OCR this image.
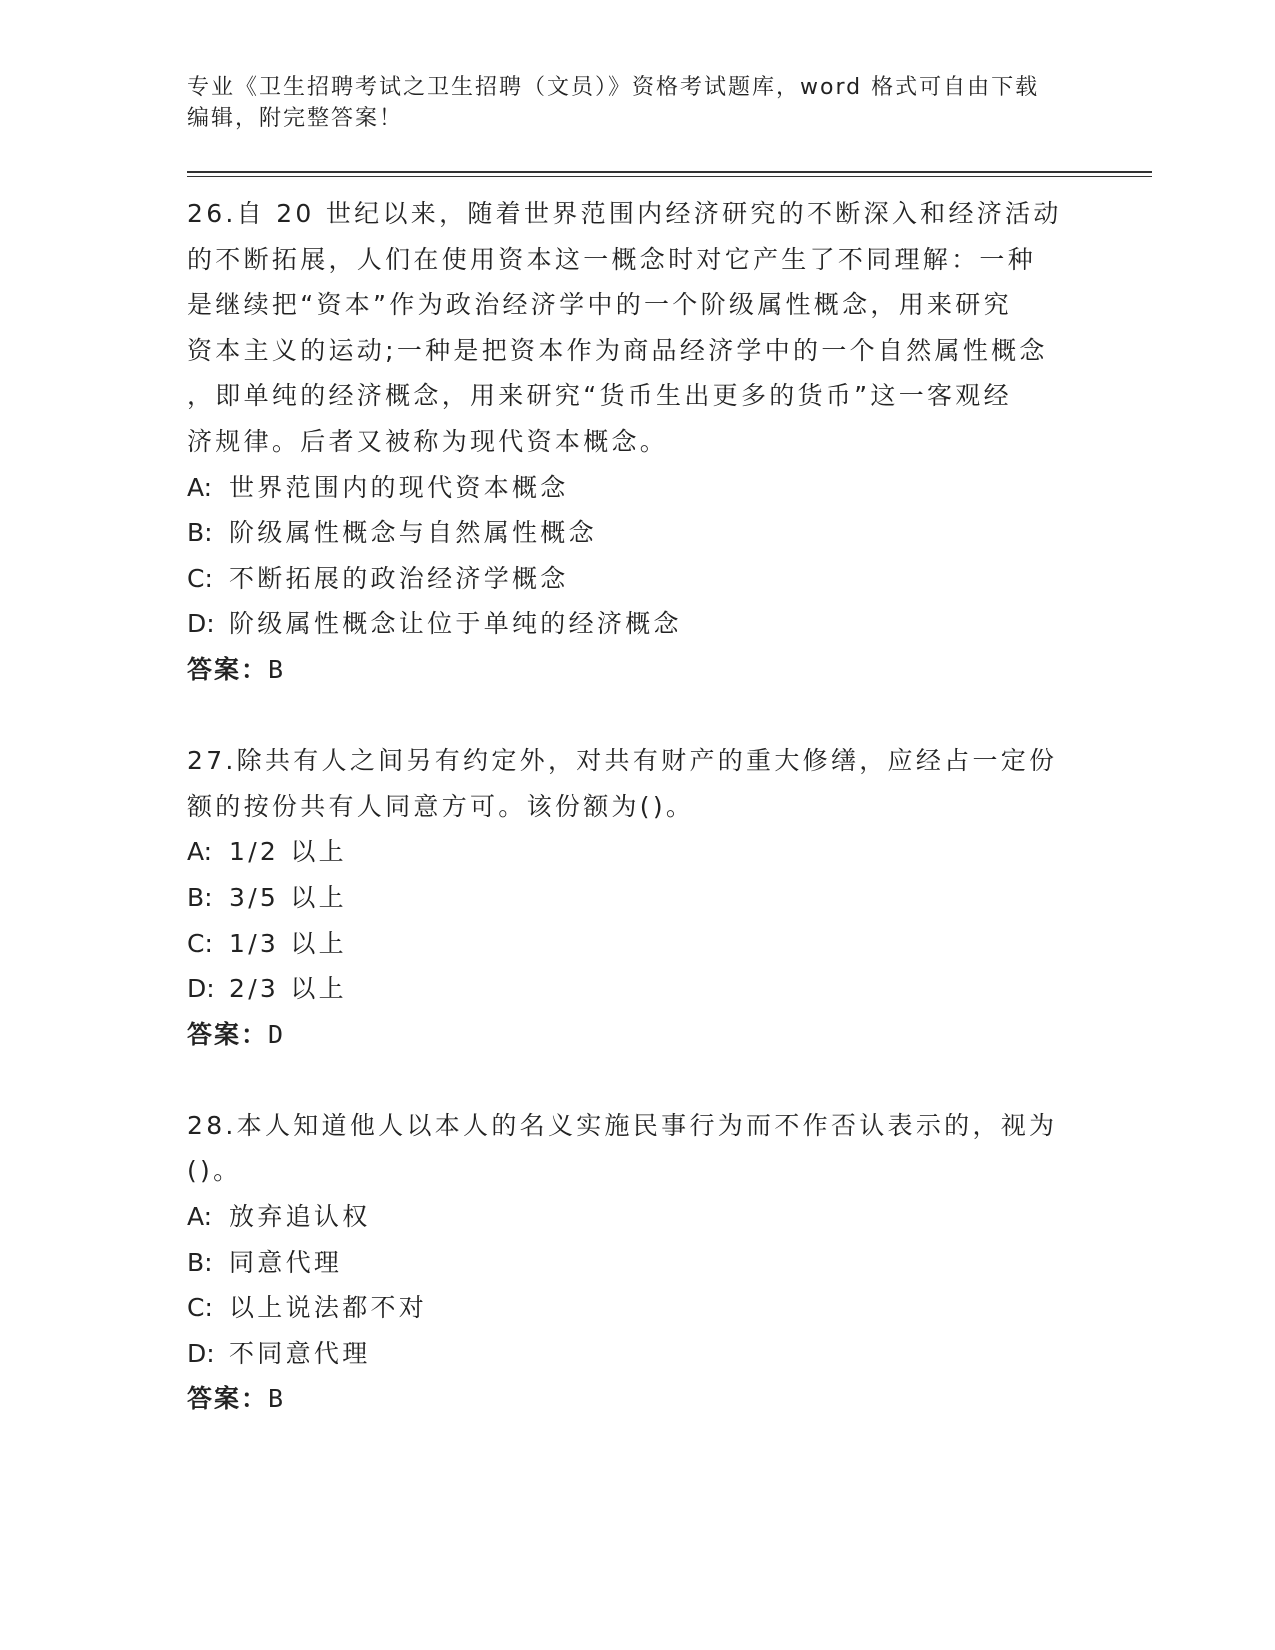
专业《卫生招聘考试之卫生招聘（文员）》资格考试题库，word 格式可自由下载
编辑，附完整答案！
26.自 20 世纪以来，随着世界范围内经济研究的不断深入和经济活动
的不断拓展，人们在使用资本这一概念时对它产生了不同理解：一种
是继续把“资本”作为政治经济学中的一个阶级属性概念，用来研究
资本主义的运动;一种是把资本作为商品经济学中的一个自然属性概念
，即单纯的经济概念，用来研究“货币生出更多的货币”这一客观经
济规律。后者又被称为现代资本概念。
A: 世界范围内的现代资本概念
B: 阶级属性概念与自然属性概念
C: 不断拓展的政治经济学概念
D: 阶级属性概念让位于单纯的经济概念
答案：B
27.除共有人之间另有约定外，对共有财产的重大修缮，应经占一定份
额的按份共有人同意方可。该份额为()。
A: 1/2 以上
B: 3/5 以上
C: 1/3 以上
D: 2/3 以上
答案：D
28.本人知道他人以本人的名义实施民事行为而不作否认表示的，视为
()。
A: 放弃追认权
B: 同意代理
C: 以上说法都不对
D: 不同意代理
答案：B
